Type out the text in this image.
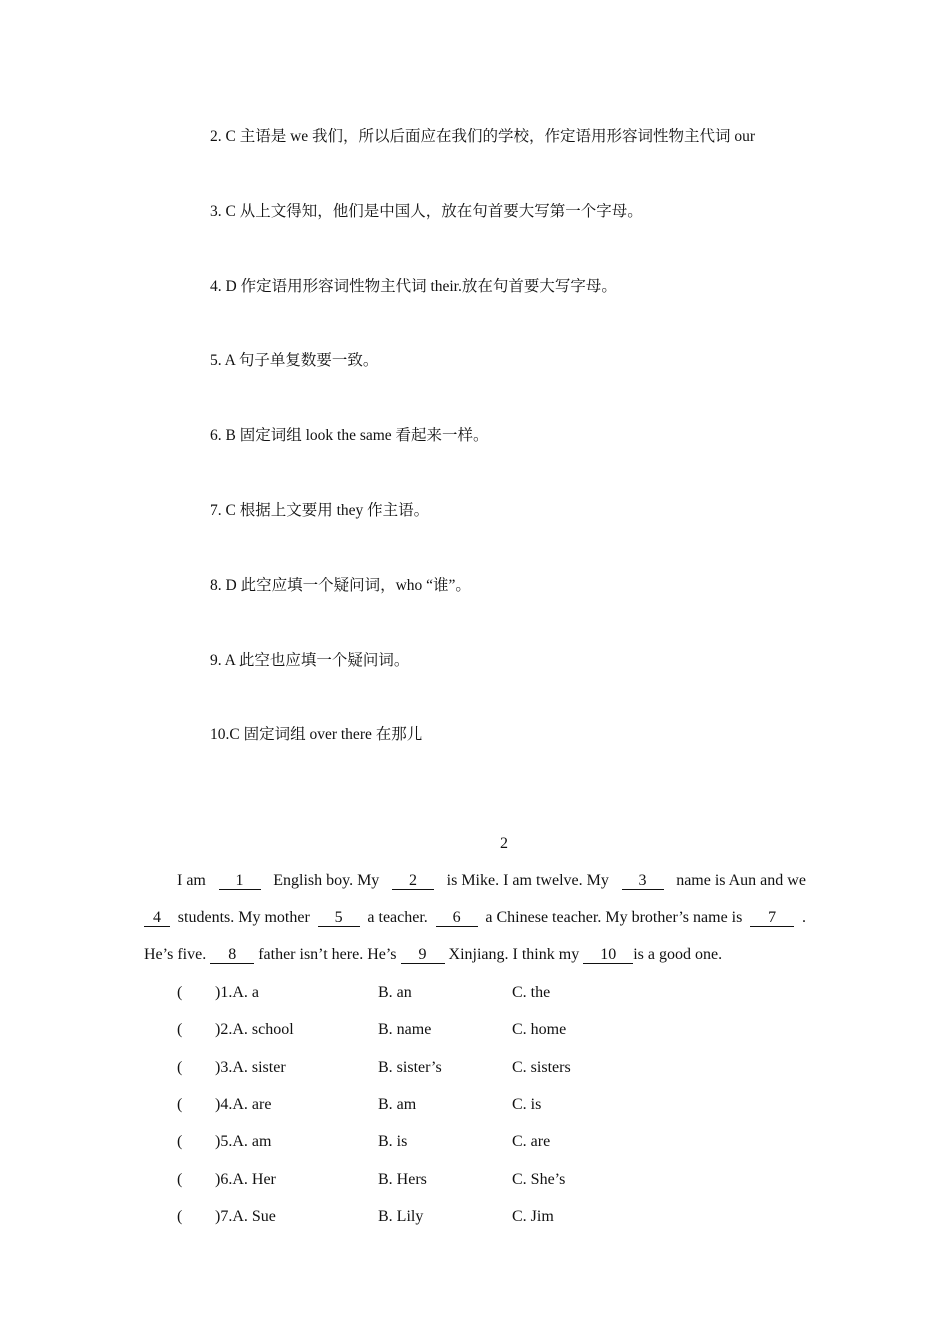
2. C 主语是 we 我们，所以后面应在我们的学校，作定语用形容词性物主代词 our
3. C 从上文得知，他们是中国人，放在句首要大写第一个字母。
4. D 作定语用形容词性物主代词 their.放在句首要大写字母。
5. A 句子单复数要一致。
6. B 固定词组 look the same 看起来一样。
7. C 根据上文要用 they 作主语。
8. D 此空应填一个疑问词，who “谁”。
9. A 此空也应填一个疑问词。
10.C 固定词组 over there 在那儿
2
I am	1	English boy. My	2	is Mike. I am twelve. My	3	name is Aun and we
4	students. My mother	5	a teacher.	6	a Chinese teacher. My brother’s name is	7	.
He’s five. 8 father isn’t here. He’s 9 Xinjiang. I think my 10 is a good one.
( )1.A. a	B. an	C. the
( )2.A. school	B. name	C. home
( )3.A. sister	B. sister’s	C. sisters
( )4.A. are	B. am	C. is
( )5.A. am	B. is	C. are
( )6.A. Her	B. Hers	C. She’s
( )7.A. Sue	B. Lily	C. Jim
